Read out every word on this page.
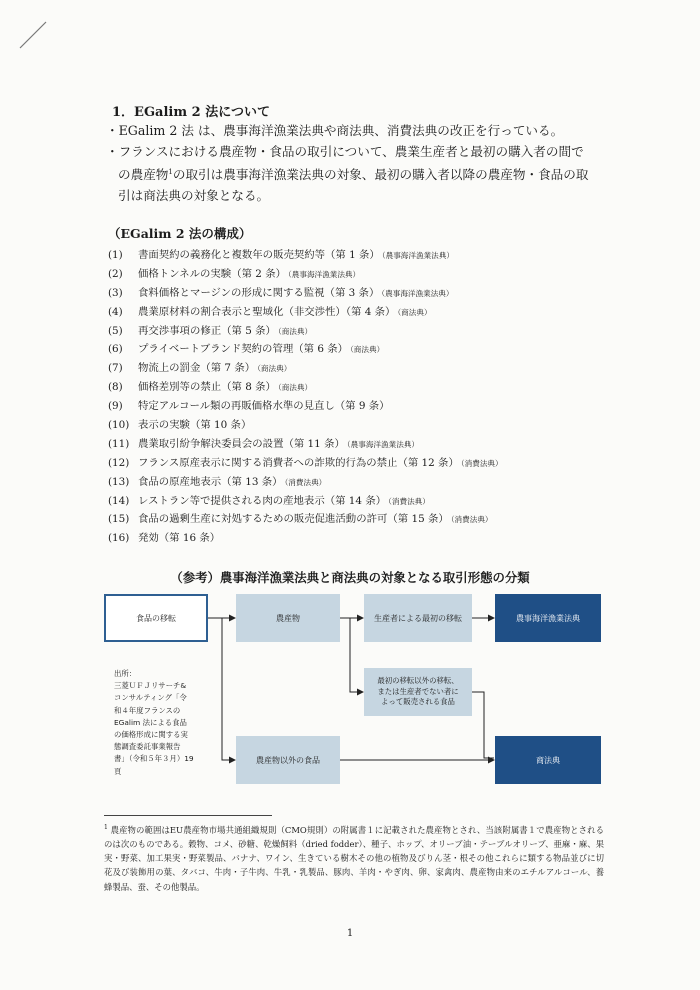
1．EGalim 2 法について
・EGalim 2 法 は、農事海洋漁業法典や商法典、消費法典の改正を行っている。
・フランスにおける農産物・食品の取引について、農業生産者と最初の購入者の間で
の農産物$^1$の取引は農事海洋漁業法典の対象、最初の購入者以降の農産物・食品の取
引は商法典の対象となる。
（EGalim 2 法の構成）
(1) 書面契約の義務化と複数年の販売契約等（第 1 条） （農事海洋漁業法典）
(2) 価格トンネルの実験（第 2 条） （農事海洋漁業法典）
(3) 食料価格とマージンの形成に関する監視（第 3 条） （農事海洋漁業法典）
(4) 農業原材料の割合表示と聖域化（非交渉性）（第 4 条） （商法典）
(5) 再交渉事項の修正（第 5 条） （商法典）
(6) プライベートブランド契約の管理（第 6 条） （商法典）
(7) 物流上の罰金（第 7 条） （商法典）
(8) 価格差別等の禁止（第 8 条） （商法典）
(9) 特定アルコール類の再販価格水準の見直し（第 9 条）
(10) 表示の実験（第 10 条）
(11) 農業取引紛争解決委員会の設置（第 11 条） （農事海洋漁業法典）
(12) フランス原産表示に関する消費者への詐欺的行為の禁止（第 12 条） （消費法典）
(13) 食品の原産地表示（第 13 条） （消費法典）
(14) レストラン等で提供される肉の産地表示（第 14 条） （消費法典）
(15) 食品の過剰生産に対処するための販売促進活動の許可（第 15 条） （消費法典）
(16) 発効（第 16 条）
（参考）農事海洋漁業法典と商法典の対象となる取引形態の分類
食品の移転	農産物	生産者による最初の移転	農事海洋漁業法典
最初の移転以外の移転、
または生産者でない者に
よって販売される食品
農産物以外の食品	商法典
出所：
三菱ＵＦＪリサーチ&
コンサルティング「令
和４年度フランスの
EGalim 法による食品
の価格形成に関する実
態調査委託事業報告
書」（令和５年３月）19
頁
$^1$ 農産物の範囲はEU農産物市場共通組織規則（CMO規則）の附属書１に記載された農産物とされ、当該附属書１で農産物とされるのは次のものである。穀物、コメ、砂糖、乾燥飼料（dried fodder）、種子、ホップ、オリーブ油・テーブルオリーブ、亜麻・麻、果実・野菜、加工果実・野菜製品、バナナ、ワイン、生きている樹木その他の植物及びりん茎・根その他これらに類する物品並びに切花及び装飾用の葉、タバコ、牛肉・子牛肉、牛乳・乳製品、豚肉、羊肉・やぎ肉、卵、家禽肉、農産物由来のエチルアルコール、養蜂製品、蚕、その他製品。
1
